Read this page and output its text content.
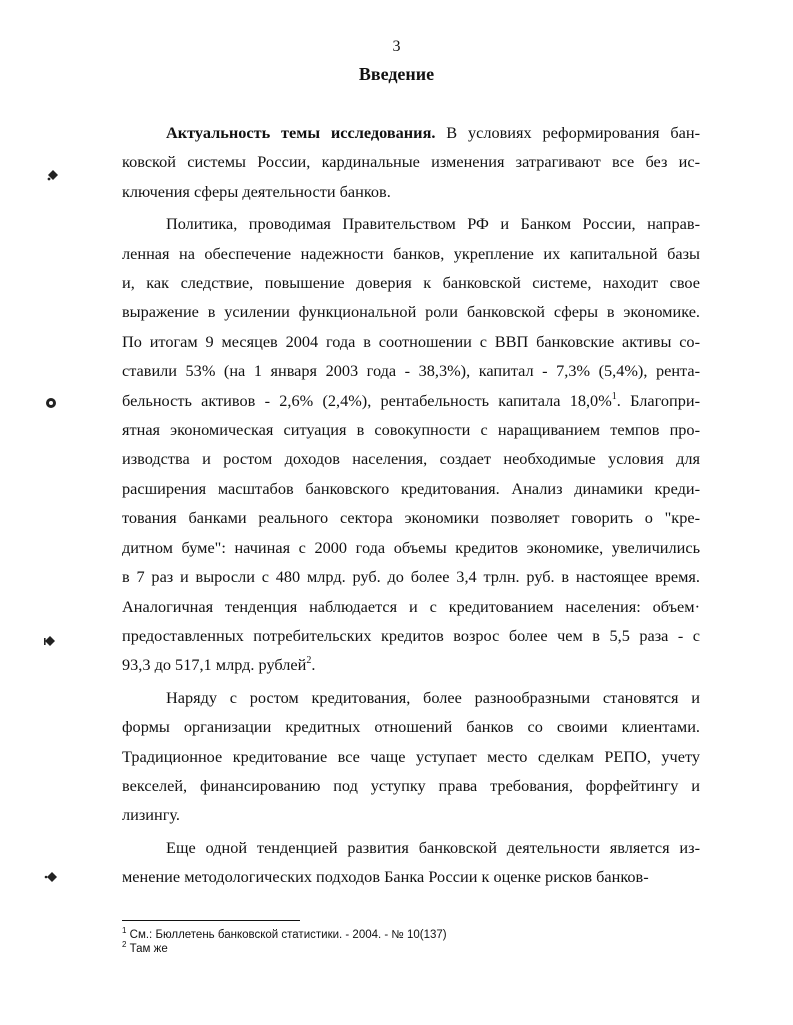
3
Введение
Актуальность темы исследования. В условиях реформирования бан-
ковской системы России, кардинальные изменения затрагивают все без ис-
ключения сферы деятельности банков.
Политика, проводимая Правительством РФ и Банком России, направ-
ленная на обеспечение надежности банков, укрепление их капитальной базы
и, как следствие, повышение доверия к банковской системе, находит свое
выражение в усилении функциональной роли банковской сферы в экономике.
По итогам 9 месяцев 2004 года в соотношении с ВВП банковские активы со-
ставили 53% (на 1 января 2003 года - 38,3%), капитал - 7,3% (5,4%), рента-
бельность активов - 2,6% (2,4%), рентабельность капитала 18,0%$^1$. Благопри-
ятная экономическая ситуация в совокупности с наращиванием темпов про-
изводства и ростом доходов населения, создает необходимые условия для
расширения масштабов банковского кредитования. Анализ динамики креди-
тования банками реального сектора экономики позволяет говорить о "кре-
дитном буме": начиная с 2000 года объемы кредитов экономике, увеличились
в 7 раз и выросли с 480 млрд. руб. до более 3,4 трлн. руб. в настоящее время.
Аналогичная тенденция наблюдается и с кредитованием населения: объем·
предоставленных потребительских кредитов возрос более чем в 5,5 раза - с
93,3 до 517,1 млрд. рублей$^2$.
Наряду с ростом кредитования, более разнообразными становятся и
формы организации кредитных отношений банков со своими клиентами.
Традиционное кредитование все чаще уступает место сделкам РЕПО, учету
векселей, финансированию под уступку права требования, форфейтингу и
лизингу.
Еще одной тенденцией развития банковской деятельности является из-
менение методологических подходов Банка России к оценке рисков банков-
$^1$ См.: Бюллетень банковской статистики. - 2004. - № 10(137)
$^2$ Там же
